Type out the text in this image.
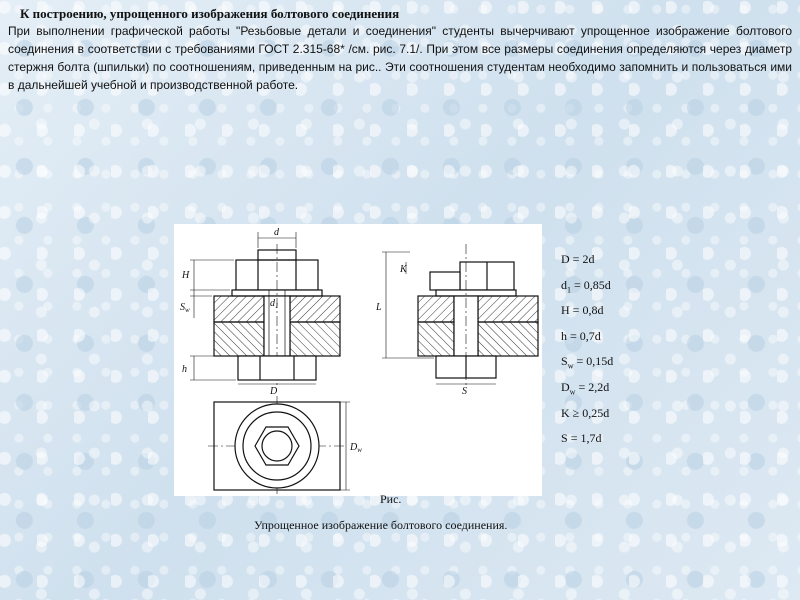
К построению, упрощенного изображения болтового соединения

При выполнении графической работы "Резьбовые детали и соединения" студенты вычерчивают упрощенное изображение болтового соединения в соответствии с требованиями ГОСТ 2.315-68* /см. рис. 7.1/. При этом все размеры соединения определяются через диаметр стержня болта (шпильки) по соотношениям, приведенным на рис.. Эти соотношения студентам необходимо запомнить и пользоваться ими в дальнейшей учебной и производственной работе.

d
$d_1$
H
$S_w$
h
D
K
L
S
$D_w$
D = 2d
$d_1 = 0,85d$
H = 0,8d
h = 0,7d
$S_w = 0,15d$
$D_w = 2,2d$
K ≥ 0,25d
S = 1,7d
Рис.
Упрощенное изображение болтового соединения.
